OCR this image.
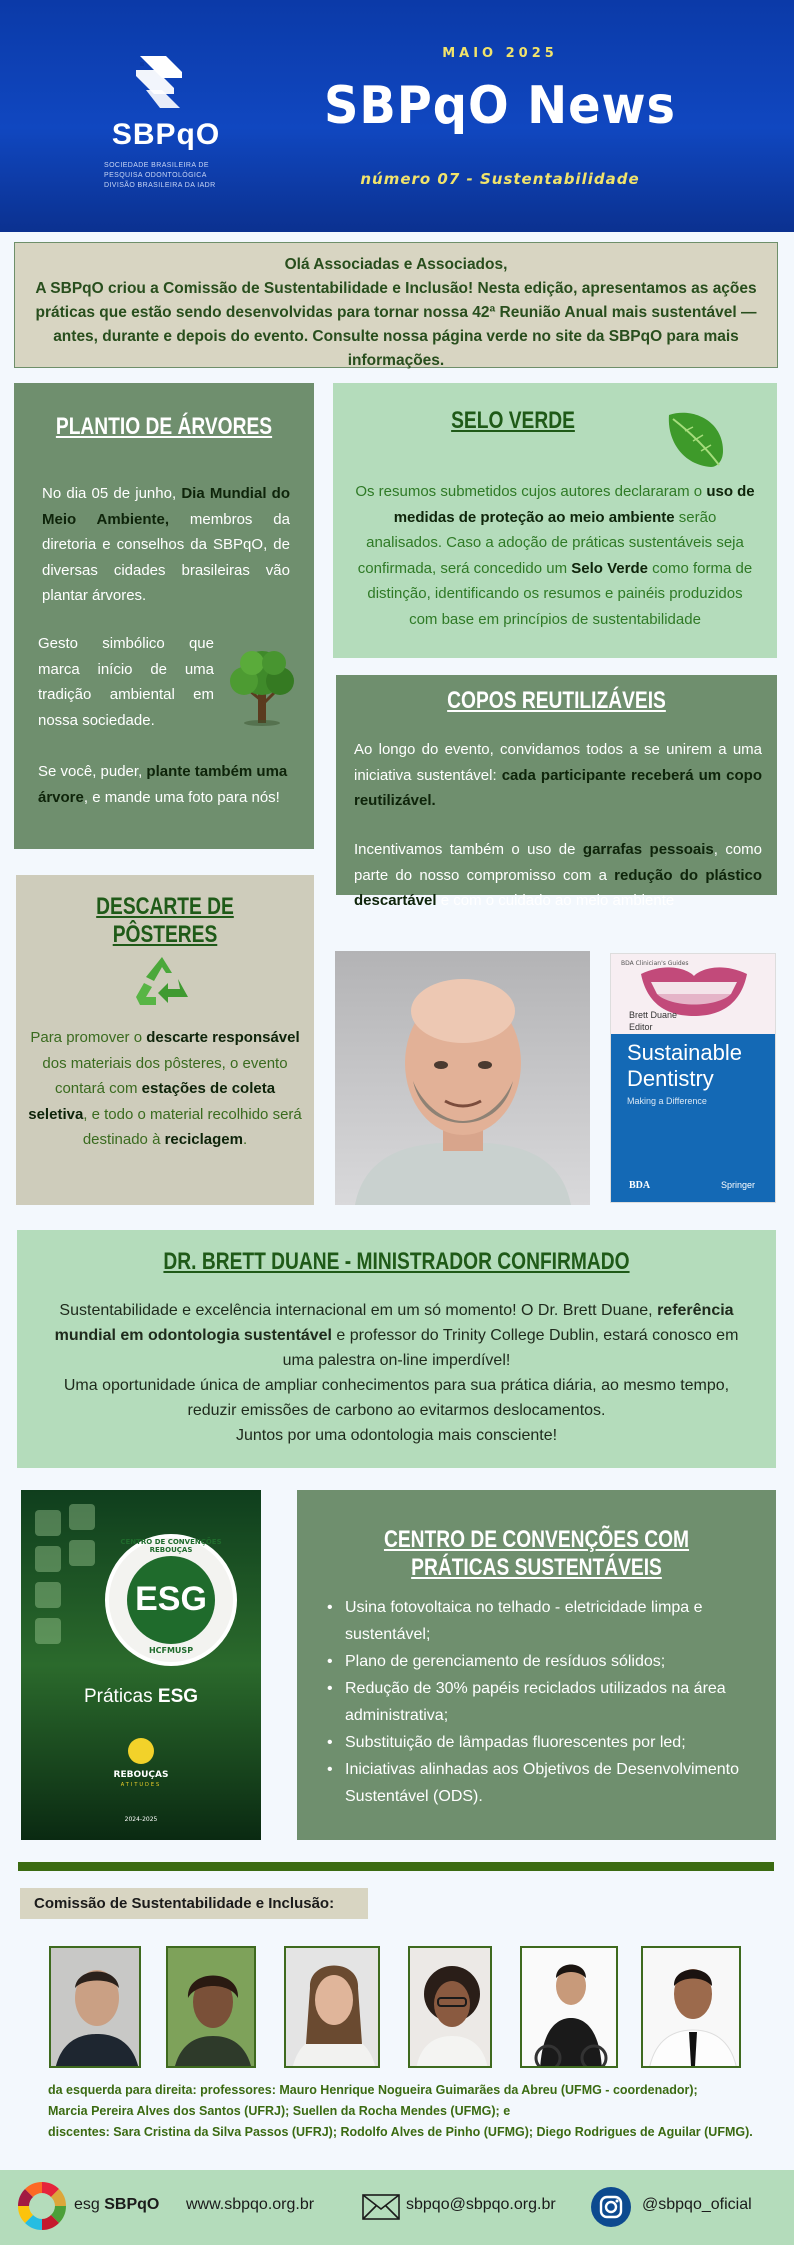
SBPqO
SOCIEDADE BRASILEIRA DE
PESQUISA ODONTOLÓGICA
DIVISÃO BRASILEIRA DA IADR
MAIO 2025
SBPqO News
número 07 - Sustentabilidade
Olá Associadas e Associados,
A SBPqO criou a Comissão de Sustentabilidade e Inclusão! Nesta edição, apresentamos as ações práticas que estão sendo desenvolvidas para tornar nossa 42ª Reunião Anual mais sustentável — antes, durante e depois do evento. Consulte nossa página verde no site da SBPqO para mais informações.
PLANTIO DE ÁRVORES
No dia 05 de junho, Dia Mundial do Meio Ambiente, membros da diretoria e conselhos da SBPqO, de diversas cidades brasileiras vão plantar árvores.
Gesto simbólico que marca início de uma tradição ambiental em nossa sociedade.
Se você, puder, plante também uma árvore, e mande uma foto para nós!
SELO VERDE
Os resumos submetidos cujos autores declararam o uso de medidas de proteção ao meio ambiente serão analisados. Caso a adoção de práticas sustentáveis seja confirmada, será concedido um Selo Verde como forma de distinção, identificando os resumos e painéis produzidos com base em princípios de sustentabilidade
COPOS REUTILIZÁVEIS
Ao longo do evento, convidamos todos a se unirem a uma iniciativa sustentável: cada participante receberá um copo reutilizável.
Incentivamos também o uso de garrafas pessoais, como parte do nosso compromisso com a redução do plástico descartável e com o cuidado ao meio ambiente
DESCARTE DE PÔSTERES
Para promover o descarte responsável dos materiais dos pôsteres, o evento contará com estações de coleta seletiva, e todo o material recolhido será destinado à reciclagem.
BDA Clinician's Guides
Brett Duane
Editor
Sustainable
Dentistry
Making a Difference
BDA	Springer
DR. BRETT DUANE - MINISTRADOR CONFIRMADO
Sustentabilidade e excelência internacional em um só momento! O Dr. Brett Duane, referência mundial em odontologia sustentável e professor do Trinity College Dublin, estará conosco em uma palestra on-line imperdível!
Uma oportunidade única de ampliar conhecimentos para sua prática diária, ao mesmo tempo, reduzir emissões de carbono ao evitarmos deslocamentos.
Juntos por uma odontologia mais consciente!
CENTRO DE CONVENÇÕES REBOUÇAS
ESG
HCFMUSP
Práticas ESG
REBOUÇAS
ATITUDES
2024-2025
CENTRO DE CONVENÇÕES COM PRÁTICAS SUSTENTÁVEIS
• Usina fotovoltaica no telhado - eletricidade limpa e sustentável;
• Plano de gerenciamento de resíduos sólidos;
• Redução de 30% papéis reciclados utilizados na área administrativa;
• Substituição de lâmpadas fluorescentes por led;
• Iniciativas alinhadas aos Objetivos de Desenvolvimento Sustentável (ODS).
Comissão de Sustentabilidade e Inclusão:
da esquerda para direita: professores: Mauro Henrique Nogueira Guimarães da Abreu (UFMG - coordenador);
Marcia Pereira Alves dos Santos (UFRJ); Suellen da Rocha Mendes (UFMG); e
discentes: Sara Cristina da Silva Passos (UFRJ); Rodolfo Alves de Pinho (UFMG); Diego Rodrigues de Aguilar (UFMG).
esg SBPqO www.sbpqo.org.br	sbpqo@sbpqo.org.br	@sbpqo_oficial
